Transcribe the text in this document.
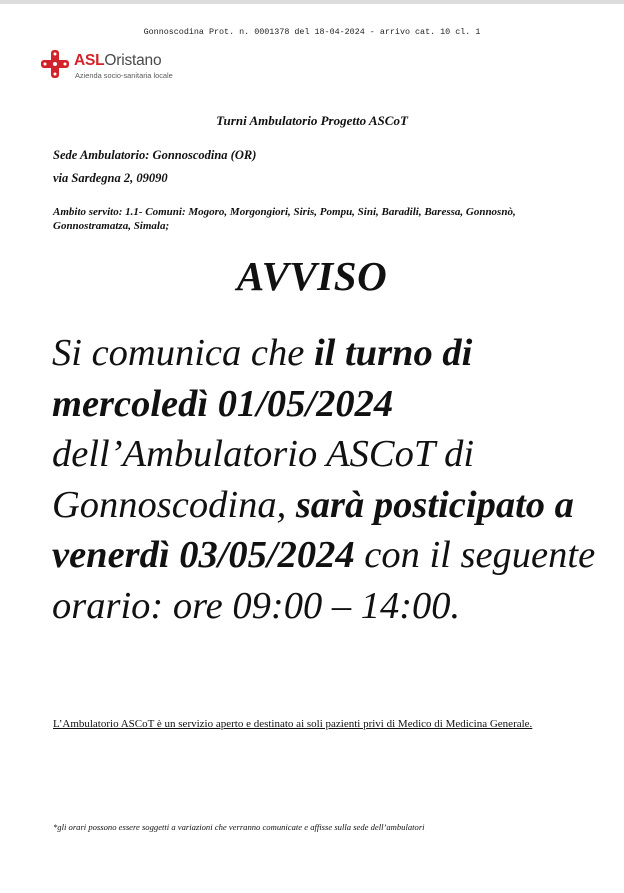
Gonnoscodina Prot. n. 0001378 del 18-04-2024 - arrivo cat. 10 cl. 1
ASLOristano
Azienda socio-sanitaria locale
Turni Ambulatorio Progetto ASCoT
Sede Ambulatorio: Gonnoscodina (OR)
via Sardegna 2, 09090
Ambito servito: 1.1- Comuni: Mogoro, Morgongiori, Siris, Pompu, Sini, Baradili, Baressa, Gonnosnò, Gonnostramatza, Simala;
AVVISO
Si comunica che il turno di mercoledì 01/05/2024 dell’Ambulatorio ASCoT di Gonnoscodina, sarà posticipato a venerdì 03/05/2024 con il seguente orario: ore 09:00 – 14:00.
L’Ambulatorio ASCoT è un servizio aperto e destinato ai soli pazienti privi di Medico di Medicina Generale.
*gli orari possono essere soggetti a variazioni che verranno comunicate e affisse sulla sede dell’ambulatori
